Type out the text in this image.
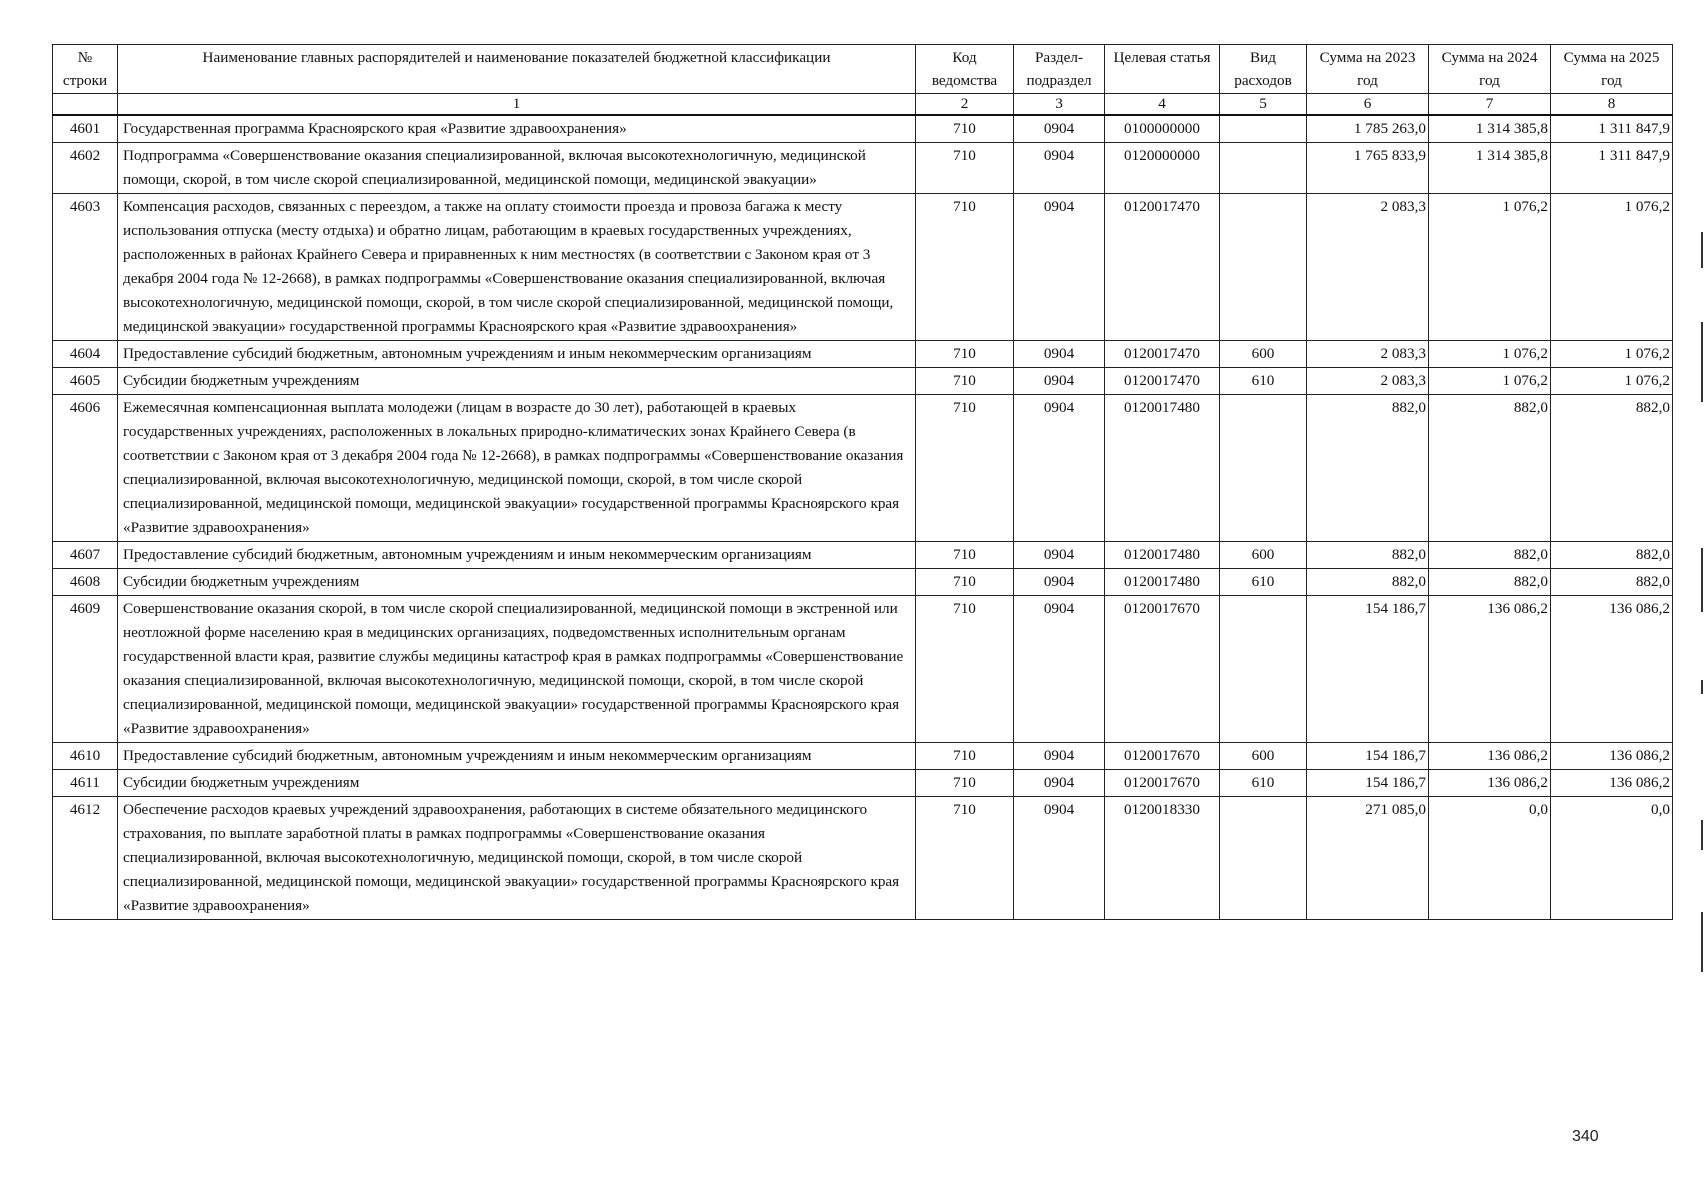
№ строки	Наименование главных распорядителей и наименование показателей бюджетной классификации	Код ведомства	Раздел-подраздел	Целевая статья	Вид расходов	Сумма на 2023 год	Сумма на 2024 год	Сумма на 2025 год
	1	2	3	4	5	6	7	8
4601	Государственная программа Красноярского края «Развитие здравоохранения»	710	0904	0100000000		1 785 263,0	1 314 385,8	1 311 847,9
4602	Подпрограмма «Совершенствование оказания специализированной, включая высокотехнологичную, медицинской помощи, скорой, в том числе скорой специализированной, медицинской помощи, медицинской эвакуации»	710	0904	0120000000		1 765 833,9	1 314 385,8	1 311 847,9
4603	Компенсация расходов, связанных с переездом, а также на оплату стоимости проезда и провоза багажа к месту использования отпуска (месту отдыха) и обратно лицам, работающим в краевых государственных учреждениях, расположенных в районах Крайнего Севера и приравненных к ним местностях (в соответствии с Законом края от 3 декабря 2004 года № 12-2668), в рамках подпрограммы «Совершенствование оказания специализированной, включая высокотехнологичную, медицинской помощи, скорой, в том числе скорой специализированной, медицинской помощи, медицинской эвакуации» государственной программы Красноярского края «Развитие здравоохранения»	710	0904	0120017470		2 083,3	1 076,2	1 076,2
4604	Предоставление субсидий бюджетным, автономным учреждениям и иным некоммерческим организациям	710	0904	0120017470	600	2 083,3	1 076,2	1 076,2
4605	Субсидии бюджетным учреждениям	710	0904	0120017470	610	2 083,3	1 076,2	1 076,2
4606	Ежемесячная компенсационная выплата молодежи (лицам в возрасте до 30 лет), работающей в краевых государственных учреждениях, расположенных в локальных природно-климатических зонах Крайнего Севера (в соответствии с Законом края от 3 декабря 2004 года № 12-2668), в рамках подпрограммы «Совершенствование оказания специализированной, включая высокотехнологичную, медицинской помощи, скорой, в том числе скорой специализированной, медицинской помощи, медицинской эвакуации» государственной программы Красноярского края «Развитие здравоохранения»	710	0904	0120017480		882,0	882,0	882,0
4607	Предоставление субсидий бюджетным, автономным учреждениям и иным некоммерческим организациям	710	0904	0120017480	600	882,0	882,0	882,0
4608	Субсидии бюджетным учреждениям	710	0904	0120017480	610	882,0	882,0	882,0
4609	Совершенствование оказания скорой, в том числе скорой специализированной, медицинской помощи в экстренной или неотложной форме населению края в медицинских организациях, подведомственных исполнительным органам государственной власти края, развитие службы медицины катастроф края в рамках подпрограммы «Совершенствование оказания специализированной, включая высокотехнологичную, медицинской помощи, скорой, в том числе скорой специализированной, медицинской помощи, медицинской эвакуации» государственной программы Красноярского края «Развитие здравоохранения»	710	0904	0120017670		154 186,7	136 086,2	136 086,2
4610	Предоставление субсидий бюджетным, автономным учреждениям и иным некоммерческим организациям	710	0904	0120017670	600	154 186,7	136 086,2	136 086,2
4611	Субсидии бюджетным учреждениям	710	0904	0120017670	610	154 186,7	136 086,2	136 086,2
4612	Обеспечение расходов краевых учреждений здравоохранения, работающих в системе обязательного медицинского страхования, по выплате заработной платы в рамках подпрограммы «Совершенствование оказания специализированной, включая высокотехнологичную, медицинской помощи, скорой, в том числе скорой специализированной, медицинской помощи, медицинской эвакуации» государственной программы Красноярского края «Развитие здравоохранения»	710	0904	0120018330		271 085,0	0,0	0,0
340
